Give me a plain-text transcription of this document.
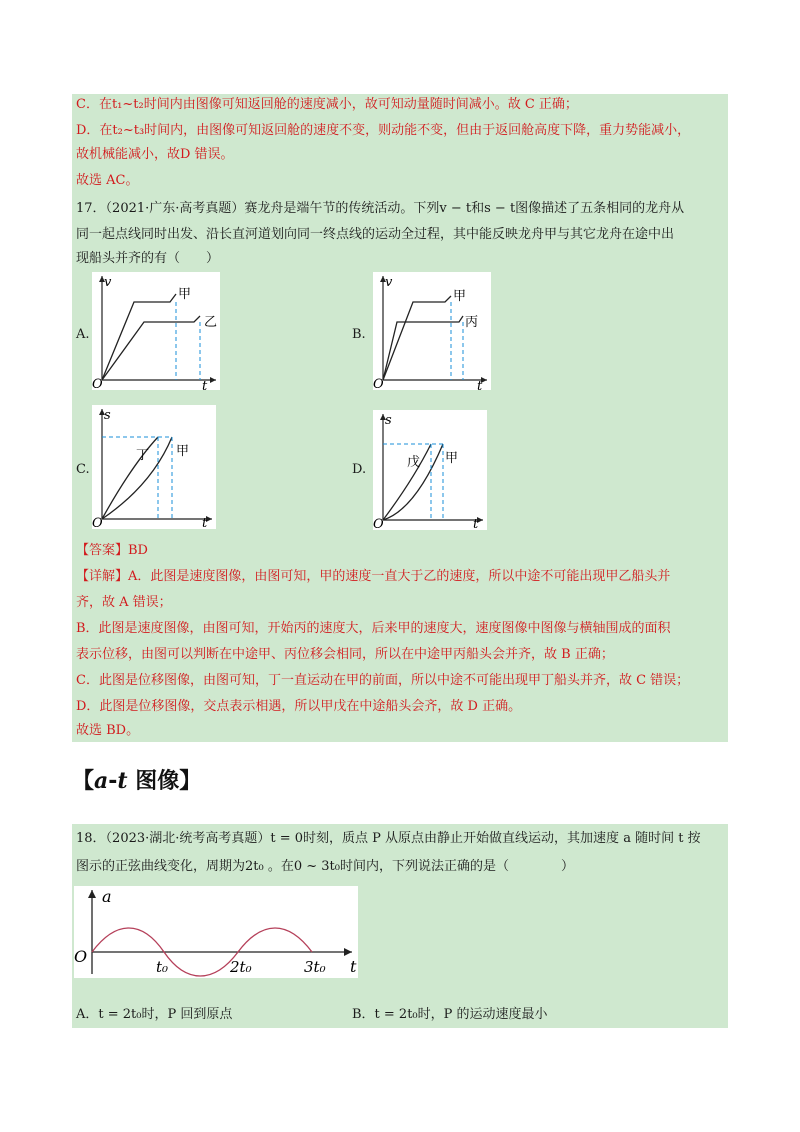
C．在t₁~t₂时间内由图像可知返回舱的速度减小，故可知动量随时间减小。故 C 正确；
D．在t₂~t₃时间内，由图像可知返回舱的速度不变，则动能不变，但由于返回舱高度下降，重力势能减小，
故机械能减小，故D 错误。
故选 AC。
17．（2021·广东·高考真题）赛龙舟是端午节的传统活动。下列v − t和s − t图像描述了五条相同的龙舟从
同一起点线同时出发、沿长直河道划向同一终点线的运动全过程，其中能反映龙舟甲与其它龙舟在途中出
现船头并齐的有（　　）
A.
O
v
t
甲
乙
B.
O
v
t
甲
丙
C.
O
s
t
丁 甲
D.
O
s
t
戊 甲
【答案】BD
【详解】A．此图是速度图像，由图可知，甲的速度一直大于乙的速度，所以中途不可能出现甲乙船头并
齐，故 A 错误；
B．此图是速度图像，由图可知，开始丙的速度大，后来甲的速度大，速度图像中图像与横轴围成的面积
表示位移，由图可以判断在中途甲、丙位移会相同，所以在中途甲丙船头会并齐，故 B 正确；
C．此图是位移图像，由图可知，丁一直运动在甲的前面，所以中途不可能出现甲丁船头并齐，故 C 错误；
D．此图是位移图像，交点表示相遇，所以甲戊在中途船头会齐，故 D 正确。
故选 BD。
【a-t 图像】
18．（2023·湖北·统考高考真题）t = 0时刻，质点 P 从原点由静止开始做直线运动，其加速度 a 随时间 t 按
图示的正弦曲线变化，周期为2t₀ 。在0 ~ 3t₀时间内，下列说法正确的是（　　　　）
a
O
t
t₀	2t₀	3t₀
A．t = 2t₀时，P 回到原点	B．t = 2t₀时，P 的运动速度最小
